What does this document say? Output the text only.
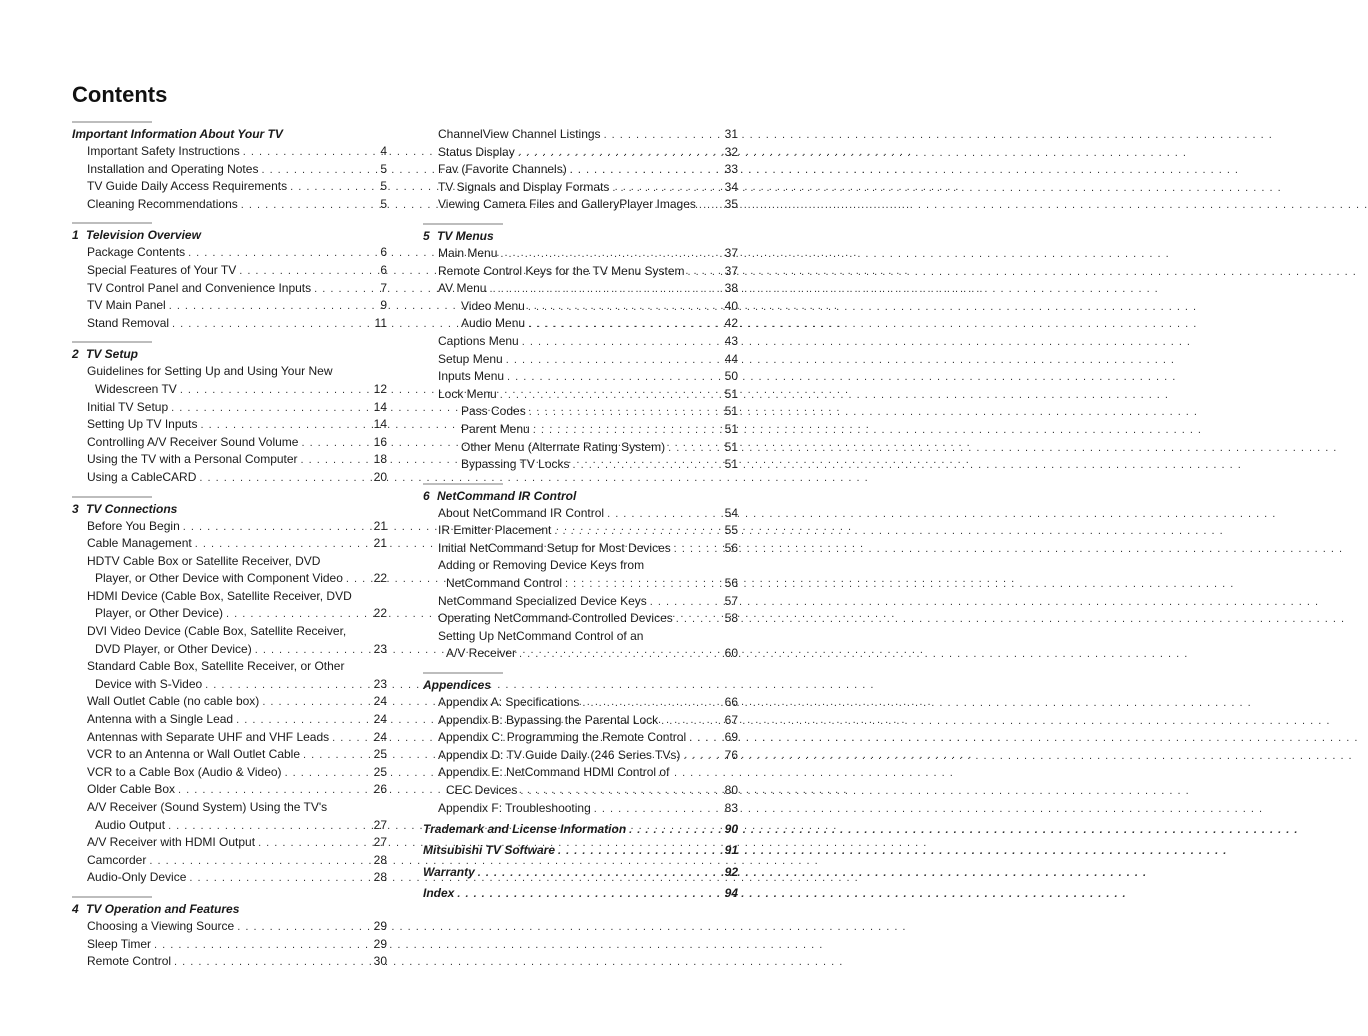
Contents
Important Information About Your TV
Important Safety Instructions . . .	4
Installation and Operating Notes . . .	5
TV Guide Daily Access Requirements . . .	5
Cleaning Recommendations . . .	5
1 Television Overview
Package Contents . . .	6
Special Features of Your TV . . .	6
TV Control Panel and Convenience Inputs . . .	7
TV Main Panel . . .	9
Stand Removal . . .	11
2 TV Setup
Guidelines for Setting Up and Using Your New
Widescreen TV . . .	12
Initial TV Setup . . .	14
Setting Up TV Inputs . . .	14
Controlling A/V Receiver Sound Volume . . .	16
Using the TV with a Personal Computer . . .	18
Using a CableCARD . . .	20
3 TV Connections
Before You Begin . . .	21
Cable Management . . .	21
HDTV Cable Box or Satellite Receiver, DVD
Player, or Other Device with Component Video . . .	22
HDMI Device (Cable Box, Satellite Receiver, DVD
Player, or Other Device) . . .	22
DVI Video Device (Cable Box, Satellite Receiver,
DVD Player, or Other Device) . . .	23
Standard Cable Box, Satellite Receiver, or Other
Device with S-Video . . .	23
Wall Outlet Cable (no cable box) . . .	24
Antenna with a Single Lead . . .	24
Antennas with Separate UHF and VHF Leads . . .	24
VCR to an Antenna or Wall Outlet Cable . . .	25
VCR to a Cable Box (Audio & Video) . . .	25
Older Cable Box . . .	26
A/V Receiver (Sound System) Using the TV's
Audio Output . . .	27
A/V Receiver with HDMI Output . . .	27
Camcorder . . .	28
Audio-Only Device . . .	28
4 TV Operation and Features
Choosing a Viewing Source . . .	29
Sleep Timer . . .	29
Remote Control . . .	30
ChannelView Channel Listings . . .	31
Status Display . . .	32
Fav (Favorite Channels) . . .	33
TV Signals and Display Formats . . .	34
Viewing Camera Files and GalleryPlayer Images . . . 35
5 TV Menus
Main Menu . . .	37
Remote Control Keys for the TV Menu System . . .	37
AV Menu . . .	38
Video Menu . . .	40
Audio Menu . . .	42
Captions Menu . . .	43
Setup Menu . . .	44
Inputs Menu . . .	50
Lock Menu . . .	51
Pass Codes . . .	51
Parent Menu . . .	51
Other Menu (Alternate Rating System) . . .	51
Bypassing TV Locks . . .	51
6 NetCommand IR Control
About NetCommand IR Control . . .	54
IR Emitter Placement . . .	55
Initial NetCommand Setup for Most Devices . . .	56
Adding or Removing Device Keys from
NetCommand Control . . .	56
NetCommand Specialized Device Keys . . .	57
Operating NetCommand-Controlled Devices . . .	58
Setting Up NetCommand Control of an
A/V Receiver . . .	60
Appendices
Appendix A: Specifications . . .	66
Appendix B: Bypassing the Parental Lock . . .	67
Appendix C: Programming the Remote Control . . .	69
Appendix D: TV Guide Daily (246 Series TVs) . . .	76
Appendix E: NetCommand HDMI Control of
CEC Devices . . .	80
Appendix F: Troubleshooting . . .	83
Trademark and License Information . . .	90
Mitsubishi TV Software . . .	91
Warranty . . .	92
Index . . .	94
